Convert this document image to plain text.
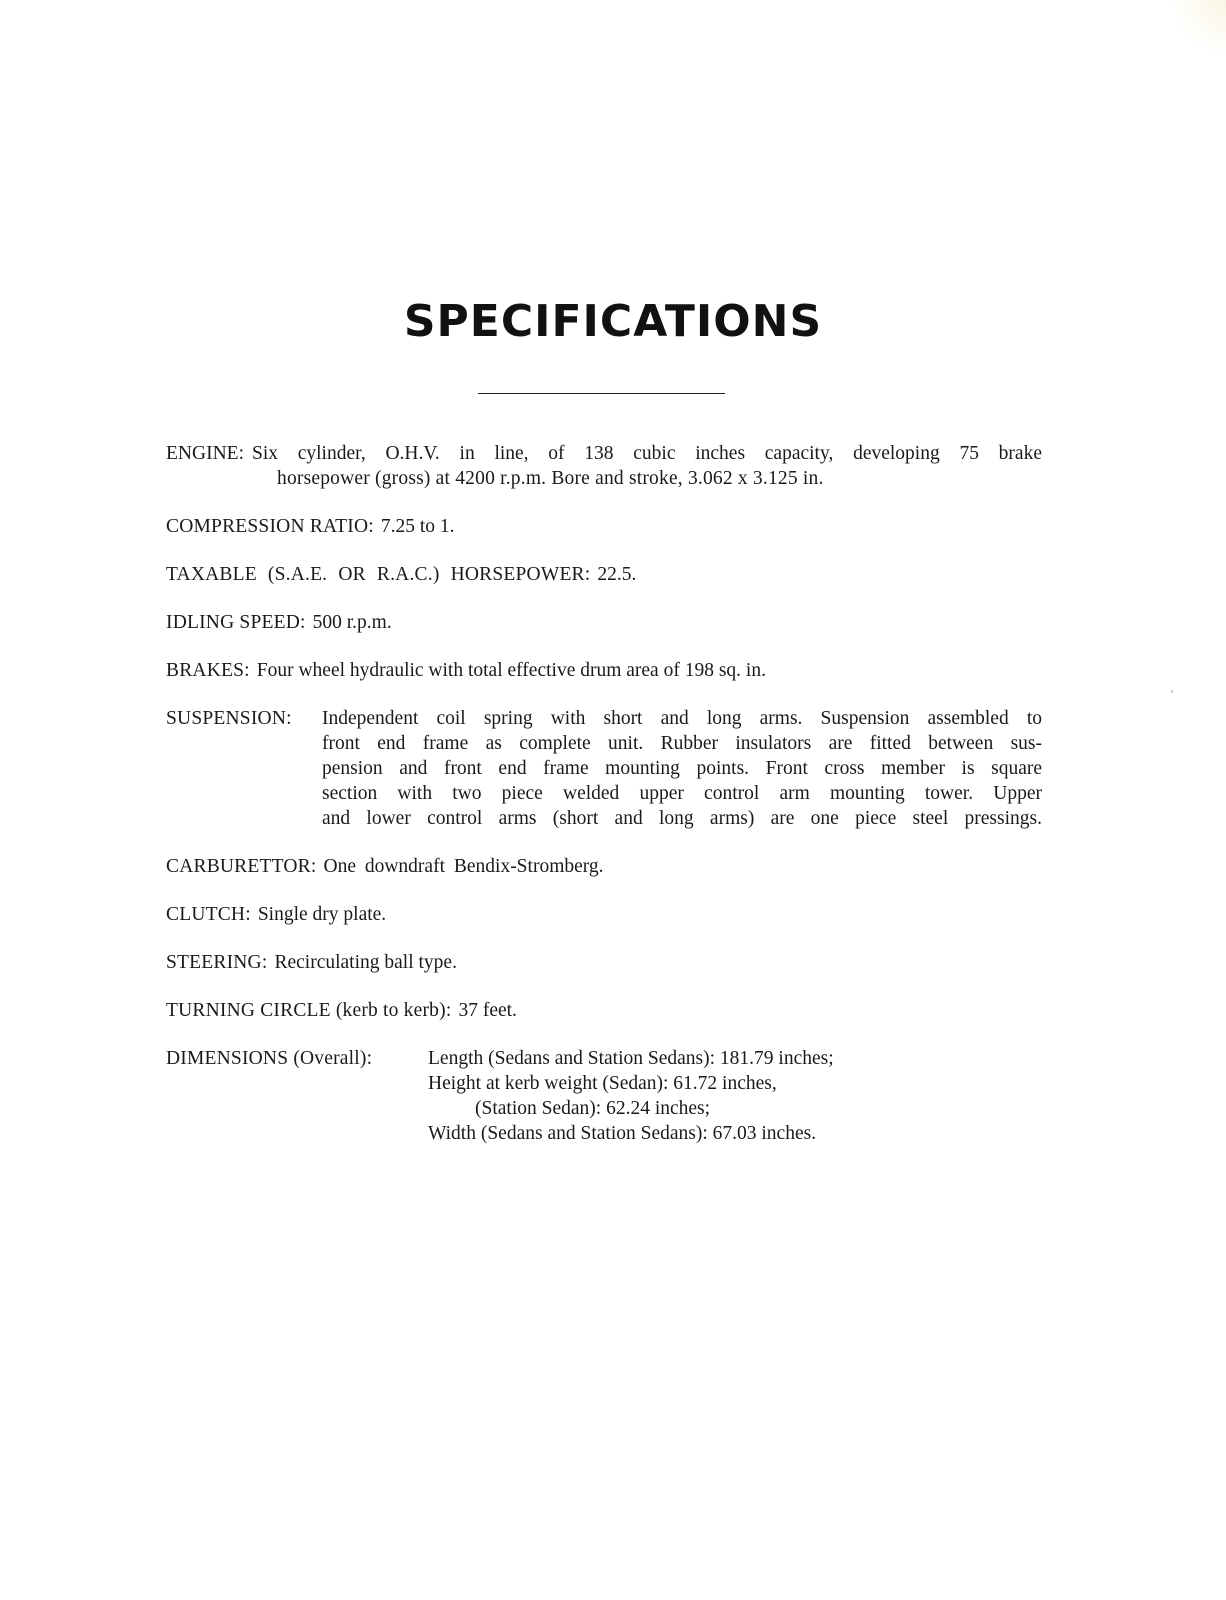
SPECIFICATIONS
ENGINE: Six cylinder, O.H.V. in line, of 138 cubic inches capacity, developing 75 brake
horsepower (gross) at 4200 r.p.m. Bore and stroke, 3.062 x 3.125 in.
COMPRESSION RATIO: 7.25 to 1.
TAXABLE (S.A.E. OR R.A.C.) HORSEPOWER: 22.5.
IDLING SPEED: 500 r.p.m.
BRAKES: Four wheel hydraulic with total effective drum area of 198 sq. in.
SUSPENSION:	Independent coil spring with short and long arms. Suspension assembled to
front end frame as complete unit. Rubber insulators are fitted between sus-
pension and front end frame mounting points. Front cross member is square
section with two piece welded upper control arm mounting tower. Upper
and lower control arms (short and long arms) are one piece steel pressings.
CARBURETTOR: One downdraft Bendix-Stromberg.
CLUTCH: Single dry plate.
STEERING: Recirculating ball type.
TURNING CIRCLE (kerb to kerb): 37 feet.
DIMENSIONS (Overall):	Length (Sedans and Station Sedans): 181.79 inches;
Height at kerb weight (Sedan): 61.72 inches,
(Station Sedan): 62.24 inches;
Width (Sedans and Station Sedans): 67.03 inches.
